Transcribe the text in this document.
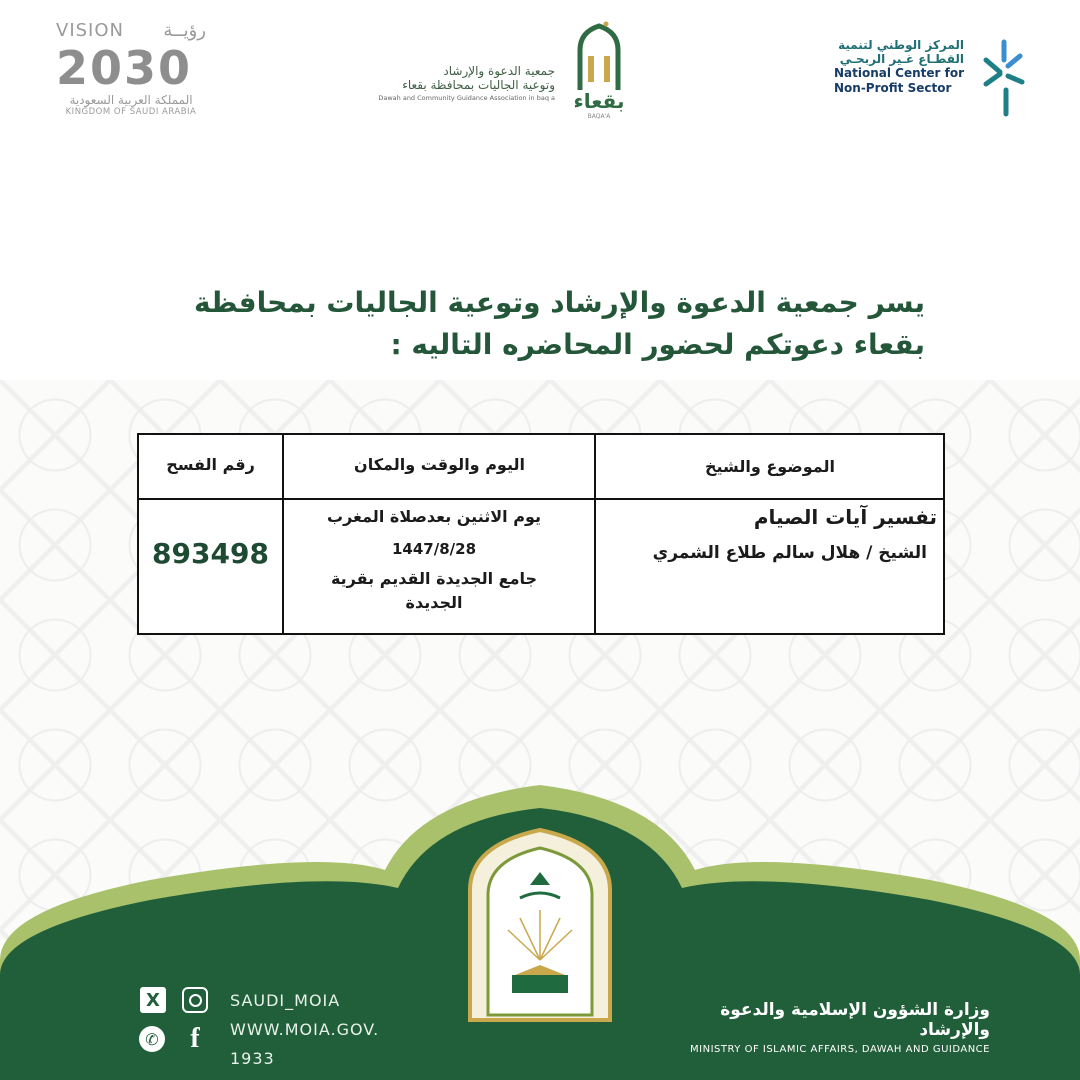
VISION رؤيــة
2030
المملكة العربية السعودية
KINGDOM OF SAUDI ARABIA
جمعية الدعوة والإرشاد
وتوعية الجاليات بمحافظة بقعاء
Dawah and Community Guidance Association in baq a بقعاء
BAQA'A
المركز الوطني لتنمية
القطـاع غـير الربحـي
National Center for
Non-Profit Sector
يسر جمعية الدعوة والإرشاد وتوعية الجاليات بمحافظة
بقعاء دعوتكم لحضور المحاضره التاليه :
الموضوع والشيخ
اليوم والوقت والمكان
رقم الفسح
تفسير آيات الصيام
الشيخ / هلال سالم طلاع الشمري
يوم الاثنين بعدصلاة المغرب
1447/8/28
جامع الجديدة القديم بقرية الجديدة
893498
X
✆ f
SAUDI_MOIA
WWW.MOIA.GOV.
1933
وزارة الشؤون الإسلامية والدعوة والإرشاد
MINISTRY OF ISLAMIC AFFAIRS, DAWAH AND GUIDANCE
